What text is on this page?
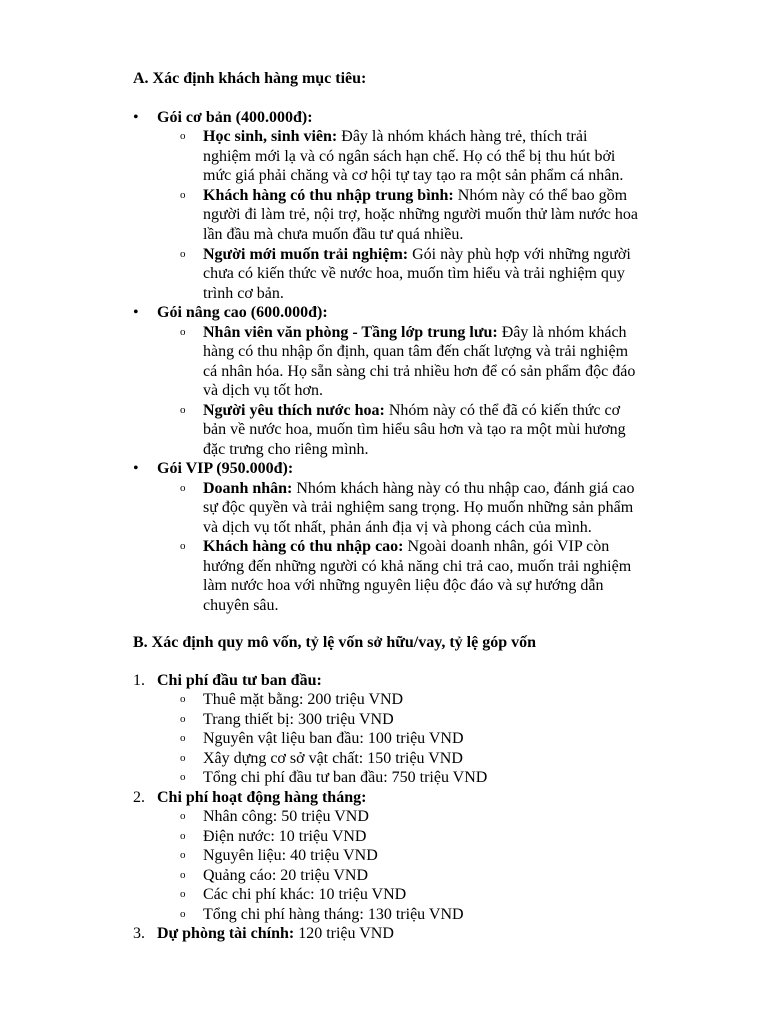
A. Xác định khách hàng mục tiêu:
•
Gói cơ bản (400.000đ):
o
Học sinh, sinh viên: Đây là nhóm khách hàng trẻ, thích trải
nghiệm mới lạ và có ngân sách hạn chế. Họ có thể bị thu hút bởi
mức giá phải chăng và cơ hội tự tay tạo ra một sản phẩm cá nhân.
o
Khách hàng có thu nhập trung bình: Nhóm này có thể bao gồm
người đi làm trẻ, nội trợ, hoặc những người muốn thử làm nước hoa
lần đầu mà chưa muốn đầu tư quá nhiều.
o
Người mới muốn trải nghiệm: Gói này phù hợp với những người
chưa có kiến thức về nước hoa, muốn tìm hiểu và trải nghiệm quy
trình cơ bản.
•
Gói nâng cao (600.000đ):
o
Nhân viên văn phòng - Tầng lớp trung lưu: Đây là nhóm khách
hàng có thu nhập ổn định, quan tâm đến chất lượng và trải nghiệm
cá nhân hóa. Họ sẵn sàng chi trả nhiều hơn để có sản phẩm độc đáo
và dịch vụ tốt hơn.
o
Người yêu thích nước hoa: Nhóm này có thể đã có kiến thức cơ
bản về nước hoa, muốn tìm hiểu sâu hơn và tạo ra một mùi hương
đặc trưng cho riêng mình.
•
Gói VIP (950.000đ):
o
Doanh nhân: Nhóm khách hàng này có thu nhập cao, đánh giá cao
sự độc quyền và trải nghiệm sang trọng. Họ muốn những sản phẩm
và dịch vụ tốt nhất, phản ánh địa vị và phong cách của mình.
o
Khách hàng có thu nhập cao: Ngoài doanh nhân, gói VIP còn
hướng đến những người có khả năng chi trả cao, muốn trải nghiệm
làm nước hoa với những nguyên liệu độc đáo và sự hướng dẫn
chuyên sâu.
B. Xác định quy mô vốn, tỷ lệ vốn sở hữu/vay, tỷ lệ góp vốn
1. Chi phí đầu tư ban đầu:
o
Thuê mặt bằng: 200 triệu VND
o
Trang thiết bị: 300 triệu VND
o
Nguyên vật liệu ban đầu: 100 triệu VND
o
Xây dựng cơ sở vật chất: 150 triệu VND
o
Tổng chi phí đầu tư ban đầu: 750 triệu VND
2. Chi phí hoạt động hàng tháng:
o
Nhân công: 50 triệu VND
o
Điện nước: 10 triệu VND
o
Nguyên liệu: 40 triệu VND
o
Quảng cáo: 20 triệu VND
o
Các chi phí khác: 10 triệu VND
o
Tổng chi phí hàng tháng: 130 triệu VND
3. Dự phòng tài chính: 120 triệu VND
